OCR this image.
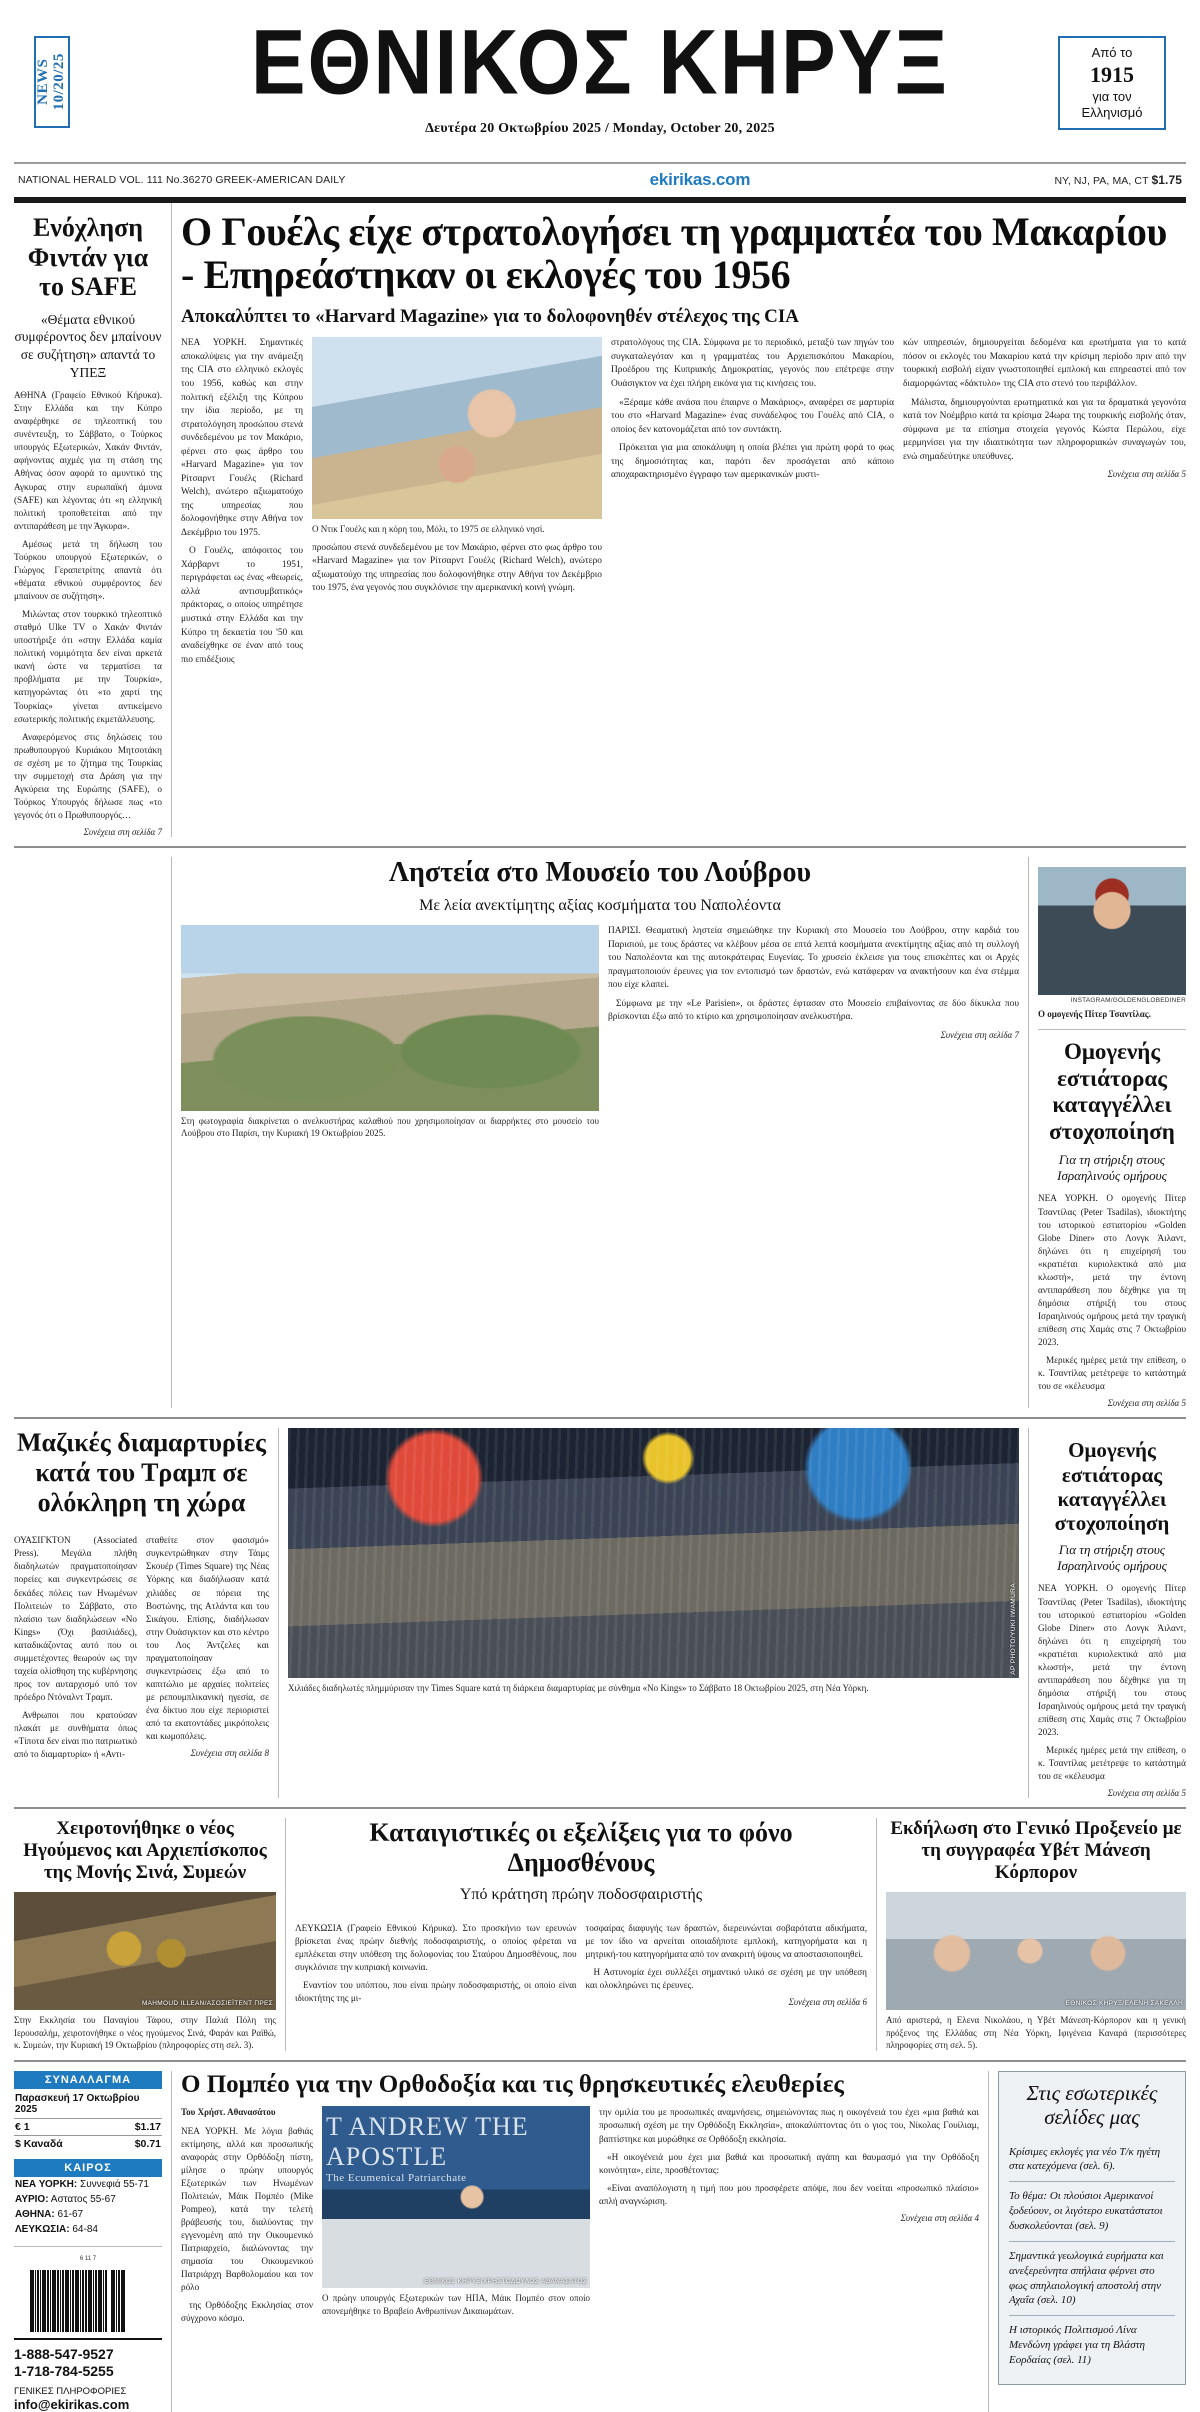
NEWS 10/20/25 ΕΘΝΙΚΟΣ ΚΗΡΥΞ
Δευτέρα 20 Οκτωβρίου 2025 / Monday, October 20, 2025
Από το
1915
για τον
Ελληνισμό
NATIONAL HERALD VOL. 111 No.36270 GREEK-AMERICAN DAILY	ekirikas.com	NY, NJ, PA, MA, CT $1.75
Ενόχληση Φιντάν για το SAFE
«Θέματα εθνικού συμφέροντος δεν μπαίνουν σε συζήτηση» απαντά το ΥΠΕΞ

ΑΘΗΝΑ (Γραφείο Εθνικού Κήρυκα). Στην Ελλάδα και την Κύπρο αναφέρθηκε σε τηλεοπτική του συνέντευξη, το Σάββατο, ο Τούρκος υπουργός Εξωτερικών, Χακάν Φιντάν, αφήνοντας αιχμές για τη στάση της Αθήνας όσον αφορά το αμυντικό της Αγκυρας στην ευρωπαϊκή άμυνα (SAFE) και λέγοντας ότι «η ελληνική πολιτική τροποθετείται από την αντιπαράθεση με την Άγκυρα».

Αμέσως μετά τη δήλωση του Τούρκου υπουργού Εξωτερικών, ο Γιώργος Γεραπετρίτης απαντά ότι «θέματα εθνικού συμφέροντος δεν μπαίνουν σε συζήτηση».

Μιλώντας στον τουρκικό τηλεοπτικό σταθμό Ulke TV ο Χακάν Φιντάν υποστήριξε ότι «στην Ελλάδα καμία πολιτική νομιμότητα δεν είναι αρκετά ικανή ώστε να τερματίσει τα προβλήματα με την Τουρκία», κατηγορώντας ότι «το χαρτί της Τουρκίας» γίνεται αντικείμενο εσωτερικής πολιτικής εκμετάλλευσης.

Αναφερόμενος στις δηλώσεις του πρωθυπουργού Κυριάκου Μητσοτάκη σε σχέση με το ζήτημα της Τουρκίας την συμμετοχή στα Δράση για την Αγκύρεια της Ευρώπης (SAFE), ο Τούρκος Υπουργός δήλωσε πως «το γεγονός ότι ο Πρωθυπουργός…

Συνέχεια στη σελίδα 7
Ο Γουέλς είχε στρατολογήσει τη γραμματέα του Μακαρίου - Επηρεάστηκαν οι εκλογές του 1956
Αποκαλύπτει το «Harvard Magazine» για το δολοφονηθέν στέλεχος της CIA

ΝΕΑ ΥΟΡΚΗ. Σημαντικές αποκαλύψεις για την ανάμειξη της CIA στο ελληνικό εκλογές του 1956, καθώς και στην πολιτική εξέλιξη της Κύπρου την ίδια περίοδο, με τη στρατολόγηση προσώπου στενά συνδεδεμένου με τον Μακάριο, φέρνει στο φως άρθρο του «Harvard Magazine» για τον Ρίτσαρντ Γουέλς (Richard Welch), ανώτερο αξιωματούχο της υπηρεσίας που δολοφονήθηκε στην Αθήνα τον Δεκέμβριο του 1975.

Ο Γουέλς, απόφοιτος του Χάρβαρντ το 1951, περιγράφεται ως ένας «θεωρείς, αλλά αντισυμβατικός» πράκτορας, ο οποίος υπηρέτησε μυστικά στην Ελλάδα και την Κύπρο τη δεκαετία του '50 και αναδείχθηκε σε έναν από τους πιο επιδέξιους

Ο Ντικ Γουέλς και η κόρη του, Μόλι, το 1975 σε ελληνικό νησί.

προσώπου στενά συνδεδεμένου με τον Μακάριο, φέρνει στο φως άρθρο του «Harvard Magazine» για τον Ρίτσαρντ Γουέλς (Richard Welch), ανώτερο αξιωματούχο της υπηρεσίας που δολοφονήθηκε στην Αθήνα τον Δεκέμβριο του 1975, ένα γεγονός που συγκλόνισε την αμερικανική κοινή γνώμη.

στρατολόγους της CIA. Σύμφωνα με το περιοδικό, μεταξύ των πηγών του συγκαταλεγόταν και η γραμματέας του Αρχιεπισκόπου Μακαρίου, Προέδρου της Κυπριακής Δημοκρατίας, γεγονός που επέτρεψε στην Ουάσιγκτον να έχει πλήρη εικόνα για τις κινήσεις του.

«Ξέραμε κάθε ανάσα που έπαιρνε ο Μακάριος», αναφέρει σε μαρτυρία του στο «Harvard Magazine» ένας συνάδελφος του Γουέλς από CIA, ο οποίος δεν κατονομάζεται από τον συντάκτη.

Πρόκειται για μια αποκάλυψη η οποία βλέπει για πρώτη φορά το φως της δημοσιότητας και, παρότι δεν προσάγεται από κάποιο αποχαρακτηρισμένο έγγραφο των αμερικανικών μυστι-

κών υπηρεσιών, δημιουργείται δεδομένα και ερωτήματα για το κατά πόσον οι εκλογές του Μακαρίου κατά την κρίσιμη περίοδο πριν από την τουρκική εισβολή είχαν γνωστοποιηθεί εμπλοκή και επηρεαστεί από τον διαμορφώντας «δάκτυλο» της CIA στο στενό του περιβάλλον.

Μάλιστα, δημιουργούνται ερωτηματικά και για τα δραματικά γεγονότα κατά τον Νοέμβριο κατά τα κρίσιμα 24ωρα της τουρκικής εισβολής όταν, σύμφωνα με τα επίσημα στοιχεία γεγονός Κώστα Περώλου, είχε μερμηνίσει για την ιδιαιτικότητα των πληροφοριακών συναγωγών του, ενώ σημαδεύτηκε υπεύθυνες.

Συνέχεια στη σελίδα 5

Ληστεία στο Μουσείο του Λούβρου
Με λεία ανεκτίμητης αξίας κοσμήματα του Ναπολέοντα
Στη φωτογραφία διακρίνεται ο ανελκυστήρας καλαθιού που χρησιμοποίησαν οι διαρρήκτες στο μουσείο του Λούβρου στο Παρίσι, την Κυριακή 19 Οκτωβρίου 2025.

ΠΑΡΙΣΙ. Θεαματική ληστεία σημειώθηκε την Κυριακή στο Μουσείο του Λούβρου, στην καρδιά του Παρισιού, με τους δράστες να κλέβουν μέσα σε επτά λεπτά κοσμήματα ανεκτίμητης αξίας από τη συλλογή του Ναπολέοντα και της αυτοκράτειρας Ευγενίας. Το χρυσείο έκλεισε για τους επισκέπτες και οι Αρχές πραγματοποιούν έρευνες για τον εντοπισμό των δραστών, ενώ κατάφεραν να ανακτήσουν και ένα στέμμα που είχε κλαπεί.

Σύμφωνα με την «Le Parisien», οι δράστες έφτασαν στο Μουσείο επιβαίνοντας σε δύο δίκυκλα που βρίσκονται έξω από το κτίριο και χρησιμοποίησαν ανελκυστήρα.

Συνέχεια στη σελίδα 7
INSTAGRAM/GOLDENGLOBEDINER
Ο ομογενής Πίτερ Τσαντίλας.
Ομογενής εστιάτορας καταγγέλλει στοχοποίηση
Για τη στήριξη στους Ισραηλινούς ομήρους

ΝΕΑ ΥΟΡΚΗ. Ο ομογενής Πίτερ Τσαντίλας (Peter Tsadilas), ιδιοκτήτης του ιστορικού εστιατορίου «Golden Globe Diner» στο Λονγκ Άιλαντ, δηλώνει ότι η επιχείρησή του «κρατιέται κυριολεκτικά από μια κλωστή», μετά την έντονη αντιπαράθεση που δέχθηκε για τη δημόσια στήριξή του στους Ισραηλινούς ομήρους μετά την τραγική επίθεση στις Χαμάς στις 7 Οκτωβρίου 2023.

Μερικές ημέρες μετά την επίθεση, ο κ. Τσαντίλας μετέτρεψε το κατάστημά του σε «κέλευσμα

Συνέχεια στη σελίδα 5
Μαζικές διαμαρτυρίες κατά του Τραμπ σε ολόκληρη τη χώρα

ΟΥΑΣΙΓΚΤΟΝ (Associated Press). Μεγάλα πλήθη διαδηλωτών πραγματοποίησαν πορείες και συγκεντρώσεις σε δεκάδες πόλεις των Ηνωμένων Πολιτειών το Σάββατο, στο πλαίσιο των διαδηλώσεων «No Kings» (Όχι βασιλιάδες), καταδικάζοντας αυτό που οι συμμετέχοντες θεωρούν ως την ταχεία ολίσθηση της κυβέρνησης προς τον αυταρχισμό υπό τον πρόεδρο Ντόναλντ Τραμπ.

Ανθρωποι που κρατούσαν πλακάτ με συνθήματα όπως «Τίποτα δεν είναι πιο πατριωτικό από το διαμαρτυρία» ή «Αντι-

σταθείτε στον φασισμό» συγκεντρώθηκαν στην Τάιμς Σκουέρ (Times Square) της Νέας Υόρκης και διαδήλωσαν κατά χιλιάδες σε πόρεια της Βοστώνης, της Ατλάντα και του Σικάγου. Επίσης, διαδήλωσαν στην Ουάσιγκτον και στο κέντρο του Λος Άντζελες και πραγματοποίησαν συγκεντρώσεις έξω από το καπιτώλιο με αρχαίες πολιτείες με ρεπουμπλικανική ηγεσία, σε ένα δίκτυο που είχε περιοριστεί από τα εκατοντάδες μικρόπολεις και κωμοπόλεις.

Συνέχεια στη σελίδα 8
ΑΡ PHOTO/YUKI IWAMURA
Χιλιάδες διαδηλωτές πλημμύρισαν την Times Square κατά τη διάρκεια διαμαρτυρίας με σύνθημα «No Kings» το Σάββατο 18 Οκτωβρίου 2025, στη Νέα Υόρκη.
Ομογενής εστιάτορας καταγγέλλει στοχοποίηση
Για τη στήριξη στους Ισραηλινούς ομήρους

ΝΕΑ ΥΟΡΚΗ. Ο ομογενής Πίτερ Τσαντίλας (Peter Tsadilas), ιδιοκτήτης του ιστορικού εστιατορίου «Golden Globe Diner» στο Λονγκ Άιλαντ, δηλώνει ότι η επιχείρησή του «κρατιέται κυριολεκτικά από μια κλωστή», μετά την έντονη αντιπαράθεση που δέχθηκε για τη δημόσια στήριξή του στους Ισραηλινούς ομήρους μετά την τραγική επίθεση στις Χαμάς στις 7 Οκτωβρίου 2023.

Μερικές ημέρες μετά την επίθεση, ο κ. Τσαντίλας μετέτρεψε το κατάστημά του σε «κέλευσμα

Συνέχεια στη σελίδα 5
Χειροτονήθηκε ο νέος Ηγούμενος και Αρχιεπίσκοπος της Μονής Σινά, Συμεών
MAHMOUD ILLEAN/ΑΣΟΣΙΕΪΤΕΝΤ ΠΡΕΣ
Στην Εκκλησία του Παναγίου Τάφου, στην Παλιά Πόλη της Ιερουσαλήμ, χειροτονήθηκε ο νέος ηγούμενος Σινά, Φαράν και Ραϊθώ, κ. Συμεών, την Κυριακή 19 Οκτωβρίου (πληροφορίες στη σελ. 3).
Καταιγιστικές οι εξελίξεις για το φόνο Δημοσθένους
Υπό κράτηση πρώην ποδοσφαιριστής

ΛΕΥΚΩΣΙΑ (Γραφείο Εθνικού Κήρυκα). Στο προσκήνιο των ερευνών βρίσκεται ένας πρώην διεθνής ποδοσφαιριστής, ο οποίος φέρεται να εμπλέκεται στην υπόθεση της δολοφονίας του Σταύρου Δημοσθένους, που συγκλόνισε την κυπριακή κοινωνία.

Εναντίον του υπόπτου, που είναι πρώην ποδοσφαιριστής, οι οποίο είναι ιδιοκτήτης της μι-

τοσφαίρας διαφυγής των δραστών, διερευνώνται σοβαρότατα αδικήματα, με τον ίδιο να αρνείται οποιαδήποτε εμπλοκή, κατηγορήματα και η μητρική-του κατηγορήματα από τον ανακριτή ύψους να αποστασιοποιηθεί.

Η Αστυνομία έχει συλλέξει σημαντικό υλικό σε σχέση με την υπόθεση και ολοκληρώνει τις έρευνες.

Συνέχεια στη σελίδα 6
Εκδήλωση στο Γενικό Προξενείο με τη συγγραφέα Υβέτ Μάνεση Κόρπορον
ΕΘΝΙΚΟΣ ΚΗΡΥΞ/ΕΛΕΝΗ ΣΑΚΕΛΛΗ
Από αριστερά, η Ελενα Νικολάου, η Υβέτ Μάνεση-Κόρπορον και η γενική πρόξενος της Ελλάδας στη Νέα Υόρκη, Ιφιγένεια Καναρά (περισσότερες πληροφορίες στη σελ. 5).
ΣΥΝΑΛΛΑΓΜΑ
Παρασκευή 17 Οκτωβρίου 2025
€ 1	$1.17
$ Καναδά	$0.71
ΚΑΙΡΟΣ
ΝΕΑ ΥΟΡΚΗ: Συννεφιά 55-71
ΑΥΡΙΟ: Αστατος 55-67
ΑΘΗΝΑ: 61-67
ΛΕΥΚΩΣΙΑ: 64-84
6 11 7
1-888-547-9527
1-718-784-5255
ΓΕΝΙΚΕΣ ΠΛΗΡΟΦΟΡΙΕΣ
info@ekirikas.com
Ο Πομπέο για την Ορθοδοξία και τις θρησκευτικές ελευθερίες
Του Χρήστ. Αθανασάτου

ΝΕΑ ΥΟΡΚΗ. Με λόγια βαθιάς εκτίμησης, αλλά και προσωπικής αναφοράς στην Ορθόδοξη πίστη, μίλησε ο πρώην υπουργός Εξωτερικών των Ηνωμένων Πολιτειών, Μάικ Πομπέο (Mike Pompeo), κατά την τελετή βράβευσής του, διαλύοντας την εγγενομένη από την Οικουμενικό Πατριαρχείο, διαλώνοντας την σημασία του Οικουμενικού Πατριάρχη Βαρθολομαίου και τον ρόλο

της Ορθόδοξης Εκκλησίας στον σύγχρονο κόσμο.

T ANDREW THE APOSTLE
The Ecumenical Patriarchate
ΕΘΝΙΚΟΣ ΚΗΡΥΞ/ΧΡΗΣΤΟΔΟΥΛΟΣ ΑΘΑΝΑΣΑΤΟΣ
Ο πρώην υπουργός Εξωτερικών των ΗΠΑ, Μάικ Πομπέο στον οποίο απονεμήθηκε το Βραβείο Ανθρωπίνων Δικαιωμάτων.

την ομιλία του με προσωπικές αναμνήσεις, σημειώνοντας πως η οικογένειά του έχει «μια βαθιά και προσωπική σχέση με την Ορθόδοξη Εκκλησία», αποκαλύπτοντας ότι ο γιος του, Νίκολας Γουίλιαμ, βαπτίστηκε και μυρώθηκε σε Ορθόδοξη εκκλησία.

«Η οικογένειά μου έχει μια βαθιά και προσωπική αγάπη και θαυμασμό για την Ορθόδοξη κοινότητα», είπε, προσθέτοντας:

«Είναι αναπόλογιστη η τιμή που μου προσφέρετε απόψε, που δεν νοείται «προσωπικό πλαίσιο» απλή αναγνώριση.

Συνέχεια στη σελίδα 4
Στις εσωτερικές σελίδες μας
Κρίσιμες εκλογές για νέο Τ/κ ηγέτη στα κατεχόμενα (σελ. 6).
Το θέμα: Οι πλούσιοι Αμερικανοί ξοδεύουν, οι λιγότερο ευκατάστατοι δυσκολεύονται (σελ. 9)
Σημαντικά γεωλογικά ευρήματα και ανεξερεύνητα σπήλαια φέρνει στο φως σπηλαιολογική αποστολή στην Αχαΐα (σελ. 10)
Η ιστορικός Πολιτισμού Λίνα Μενδώνη γράφει για τη Βλάστη Εορδαίας (σελ. 11)
